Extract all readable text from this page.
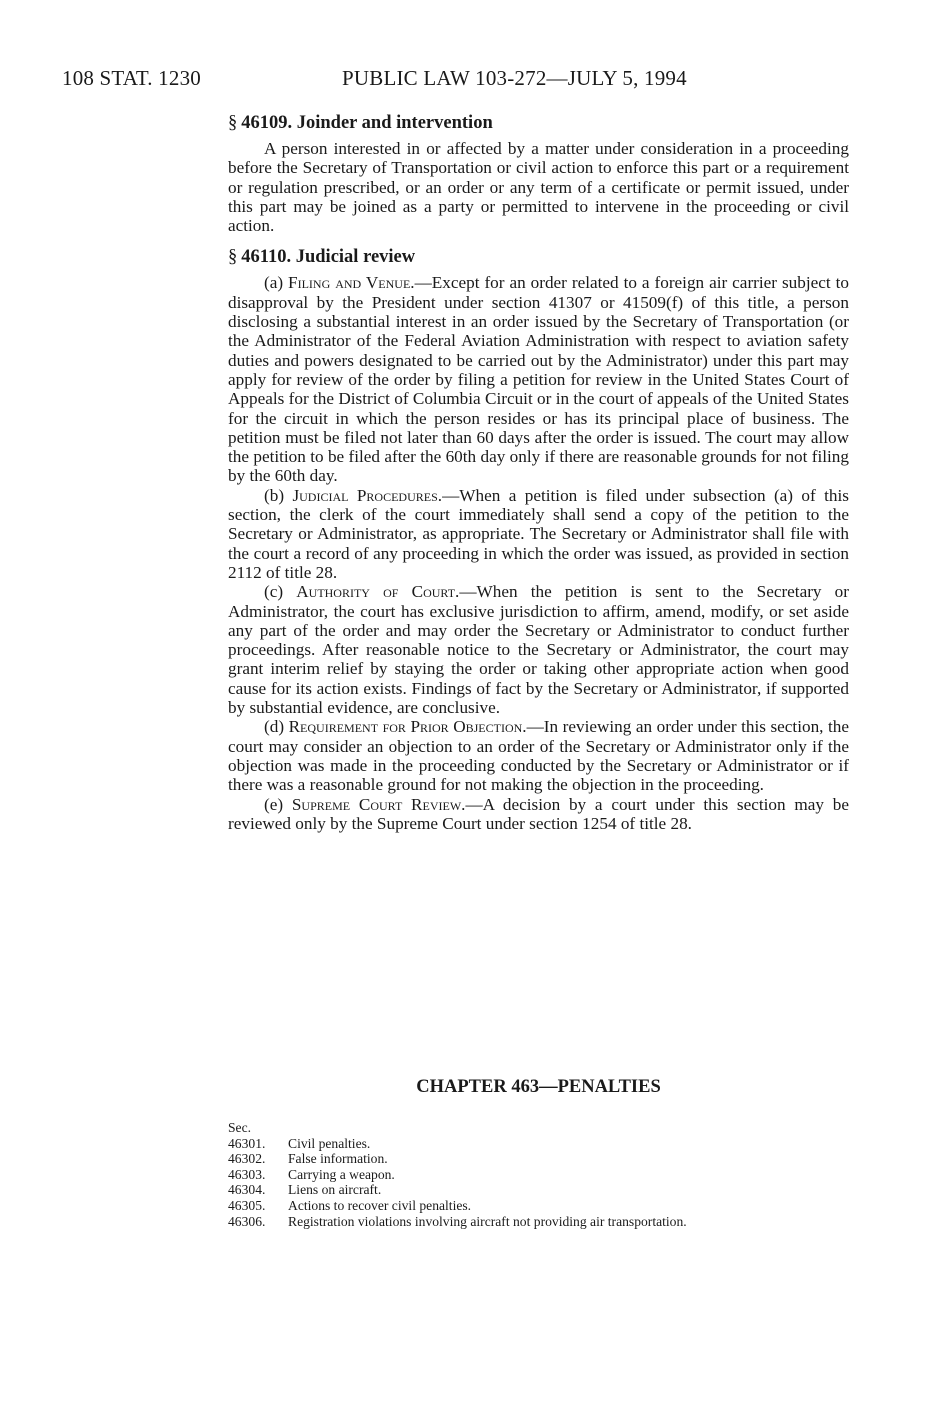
108 STAT. 1230	PUBLIC LAW 103-272—JULY 5, 1994
§ 46109. Joinder and intervention

A person interested in or affected by a matter under consideration in a proceeding before the Secretary of Transportation or civil action to enforce this part or a requirement or regulation prescribed, or an order or any term of a certificate or permit issued, under this part may be joined as a party or permitted to intervene in the proceeding or civil action.

§ 46110. Judicial review

(a) Filing and Venue.—Except for an order related to a foreign air carrier subject to disapproval by the President under section 41307 or 41509(f) of this title, a person disclosing a substantial interest in an order issued by the Secretary of Transportation (or the Administrator of the Federal Aviation Administration with respect to aviation safety duties and powers designated to be carried out by the Administrator) under this part may apply for review of the order by filing a petition for review in the United States Court of Appeals for the District of Columbia Circuit or in the court of appeals of the United States for the circuit in which the person resides or has its principal place of business. The petition must be filed not later than 60 days after the order is issued. The court may allow the petition to be filed after the 60th day only if there are reasonable grounds for not filing by the 60th day.

(b) Judicial Procedures.—When a petition is filed under subsection (a) of this section, the clerk of the court immediately shall send a copy of the petition to the Secretary or Administrator, as appropriate. The Secretary or Administrator shall file with the court a record of any proceeding in which the order was issued, as provided in section 2112 of title 28.

(c) Authority of Court.—When the petition is sent to the Secretary or Administrator, the court has exclusive jurisdiction to affirm, amend, modify, or set aside any part of the order and may order the Secretary or Administrator to conduct further proceedings. After reasonable notice to the Secretary or Administrator, the court may grant interim relief by staying the order or taking other appropriate action when good cause for its action exists. Findings of fact by the Secretary or Administrator, if supported by substantial evidence, are conclusive.

(d) Requirement for Prior Objection.—In reviewing an order under this section, the court may consider an objection to an order of the Secretary or Administrator only if the objection was made in the proceeding conducted by the Secretary or Administrator or if there was a reasonable ground for not making the objection in the proceeding.

(e) Supreme Court Review.—A decision by a court under this section may be reviewed only by the Supreme Court under section 1254 of title 28.

CHAPTER 463—PENALTIES
Sec.
46301.	Civil penalties.
46302.	False information.
46303.	Carrying a weapon.
46304.	Liens on aircraft.
46305.	Actions to recover civil penalties.
46306.	Registration violations involving aircraft not providing air transportation.
